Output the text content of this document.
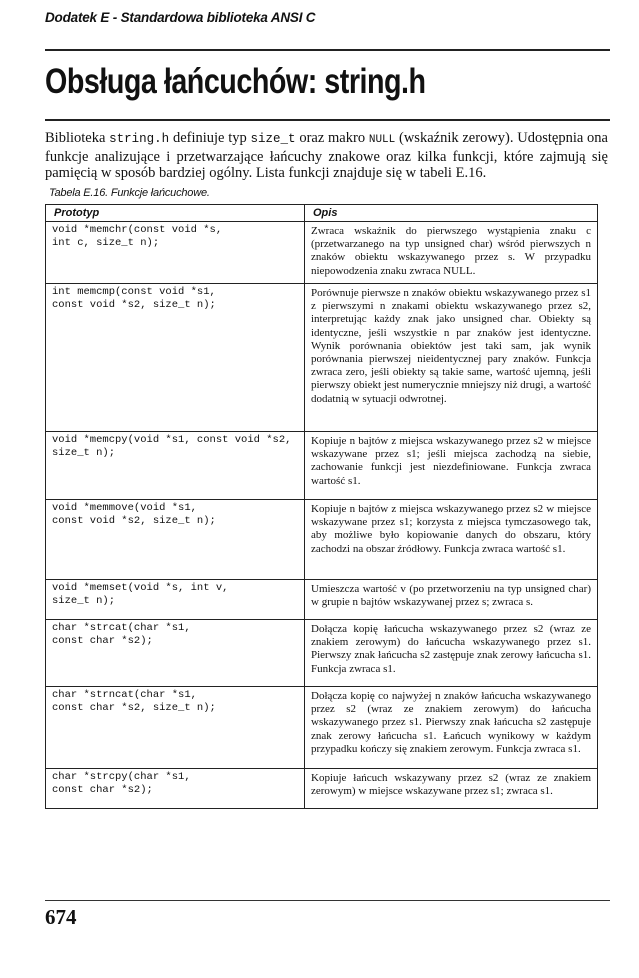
Dodatek E - Standardowa biblioteka ANSI C
Obsługa łańcuchów: string.h
Biblioteka string.h definiuje typ size_t oraz makro NULL (wskaźnik zerowy). Udostępnia ona funkcje analizujące i przetwarzające łańcuchy znakowe oraz kilka funkcji, które zajmują się pamięcią w sposób bardziej ogólny. Lista funkcji znajduje się w tabeli E.16.
Tabela E.16. Funkcje łańcuchowe.
Prototyp	Opis
void *memchr(const void *s,
int c, size_t n);	Zwraca wskaźnik do pierwszego wystąpienia znaku c (przetwarzanego na typ unsigned char) wśród pierwszych n znaków obiektu wskazywanego przez s. W przypadku niepowodzenia znaku zwraca NULL.
int memcmp(const void *s1,
const void *s2, size_t n);	Porównuje pierwsze n znaków obiektu wskazywanego przez s1 z pierwszymi n znakami obiektu wskazywanego przez s2, interpretując każdy znak jako unsigned char. Obiekty są identyczne, jeśli wszystkie n par znaków jest identyczne. Wynik porównania obiektów jest taki sam, jak wynik porównania pierwszej nieidentycznej pary znaków. Funkcja zwraca zero, jeśli obiekty są takie same, wartość ujemną, jeśli pierwszy obiekt jest numerycznie mniejszy niż drugi, a wartość dodatnią w sytuacji odwrotnej.
void *memcpy(void *s1, const void *s2,
size_t n);	Kopiuje n bajtów z miejsca wskazywanego przez s2 w miejsce wskazywane przez s1; jeśli miejsca zachodzą na siebie, zachowanie funkcji jest niezdefiniowane. Funkcja zwraca wartość s1.
void *memmove(void *s1,
const void *s2, size_t n);	Kopiuje n bajtów z miejsca wskazywanego przez s2 w miejsce wskazywane przez s1; korzysta z miejsca tymczasowego tak, aby możliwe było kopiowanie danych do obszaru, który zachodzi na obszar źródłowy. Funkcja zwraca wartość s1.
void *memset(void *s, int v,
size_t n);	Umieszcza wartość v (po przetworzeniu na typ unsigned char) w grupie n bajtów wskazywanej przez s; zwraca s.
char *strcat(char *s1,
const char *s2);	Dołącza kopię łańcucha wskazywanego przez s2 (wraz ze znakiem zerowym) do łańcucha wskazywanego przez s1. Pierwszy znak łańcucha s2 zastępuje znak zerowy łańcucha s1. Funkcja zwraca s1.
char *strncat(char *s1,
const char *s2, size_t n);	Dołącza kopię co najwyżej n znaków łańcucha wskazywanego przez s2 (wraz ze znakiem zerowym) do łańcucha wskazywanego przez s1. Pierwszy znak łańcucha s2 zastępuje znak zerowy łańcucha s1. Łańcuch wynikowy w każdym przypadku kończy się znakiem zerowym. Funkcja zwraca s1.
char *strcpy(char *s1,
const char *s2);	Kopiuje łańcuch wskazywany przez s2 (wraz ze znakiem zerowym) w miejsce wskazywane przez s1; zwraca s1.
674
